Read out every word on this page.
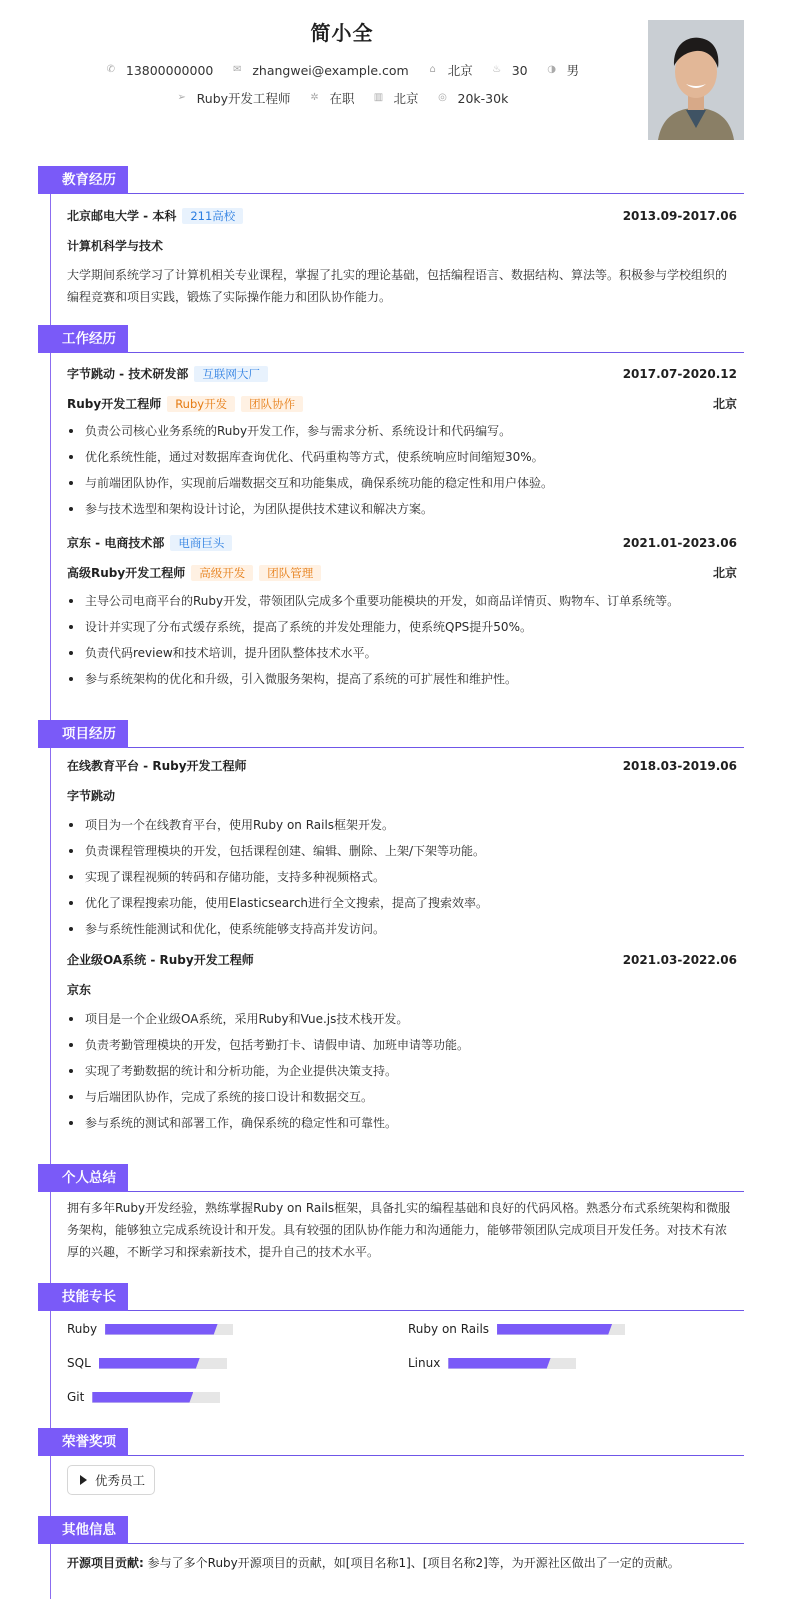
简小全
✆ 13800000000
✉ zhangwei@example.com
⌂ 北京
♨ 30
◑ 男
➢ Ruby开发工程师
✲ 在职
▥ 北京
◎ 20k-30k
教育经历
北京邮电大学 - 本科 211高校	2013.09-2017.06
计算机科学与技术
大学期间系统学习了计算机相关专业课程，掌握了扎实的理论基础，包括编程语言、数据结构、算法等。积极参与学校组织的编程竞赛和项目实践，锻炼了实际操作能力和团队协作能力。
工作经历
字节跳动 - 技术研发部 互联网大厂	2017.07-2020.12
Ruby开发工程师 Ruby开发 团队协作	北京
负责公司核心业务系统的Ruby开发工作，参与需求分析、系统设计和代码编写。
优化系统性能，通过对数据库查询优化、代码重构等方式，使系统响应时间缩短30%。
与前端团队协作，实现前后端数据交互和功能集成，确保系统功能的稳定性和用户体验。
参与技术选型和架构设计讨论，为团队提供技术建议和解决方案。
京东 - 电商技术部 电商巨头	2021.01-2023.06
高级Ruby开发工程师 高级开发 团队管理	北京
主导公司电商平台的Ruby开发，带领团队完成多个重要功能模块的开发，如商品详情页、购物车、订单系统等。
设计并实现了分布式缓存系统，提高了系统的并发处理能力，使系统QPS提升50%。
负责代码review和技术培训，提升团队整体技术水平。
参与系统架构的优化和升级，引入微服务架构，提高了系统的可扩展性和维护性。
项目经历
在线教育平台 - Ruby开发工程师	2018.03-2019.06
字节跳动
项目为一个在线教育平台，使用Ruby on Rails框架开发。
负责课程管理模块的开发，包括课程创建、编辑、删除、上架/下架等功能。
实现了课程视频的转码和存储功能，支持多种视频格式。
优化了课程搜索功能，使用Elasticsearch进行全文搜索，提高了搜索效率。
参与系统性能测试和优化，使系统能够支持高并发访问。
企业级OA系统 - Ruby开发工程师	2021.03-2022.06
京东
项目是一个企业级OA系统，采用Ruby和Vue.js技术栈开发。
负责考勤管理模块的开发，包括考勤打卡、请假申请、加班申请等功能。
实现了考勤数据的统计和分析功能，为企业提供决策支持。
与后端团队协作，完成了系统的接口设计和数据交互。
参与系统的测试和部署工作，确保系统的稳定性和可靠性。
个人总结
拥有多年Ruby开发经验，熟练掌握Ruby on Rails框架，具备扎实的编程基础和良好的代码风格。熟悉分布式系统架构和微服务架构，能够独立完成系统设计和开发。具有较强的团队协作能力和沟通能力，能够带领团队完成项目开发任务。对技术有浓厚的兴趣，不断学习和探索新技术，提升自己的技术水平。
技能专长
Ruby	Ruby on Rails
SQL	Linux
Git
荣誉奖项
优秀员工
其他信息
开源项目贡献: 参与了多个Ruby开源项目的贡献，如[项目名称1]、[项目名称2]等，为开源社区做出了一定的贡献。
